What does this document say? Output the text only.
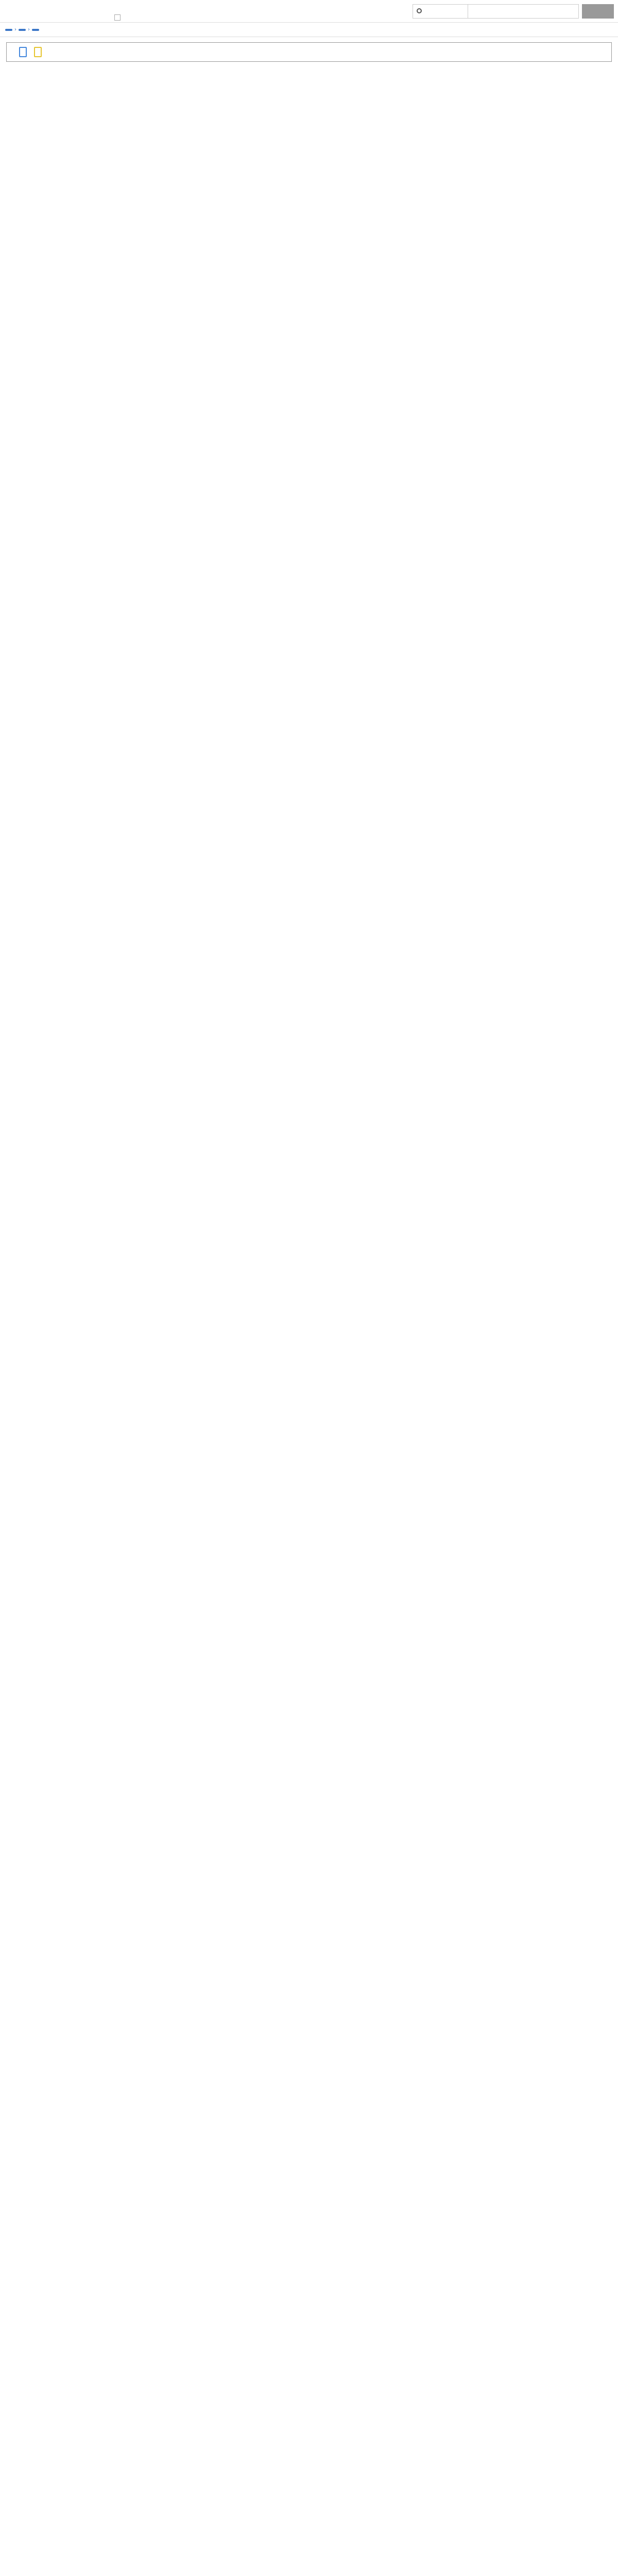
› ›
